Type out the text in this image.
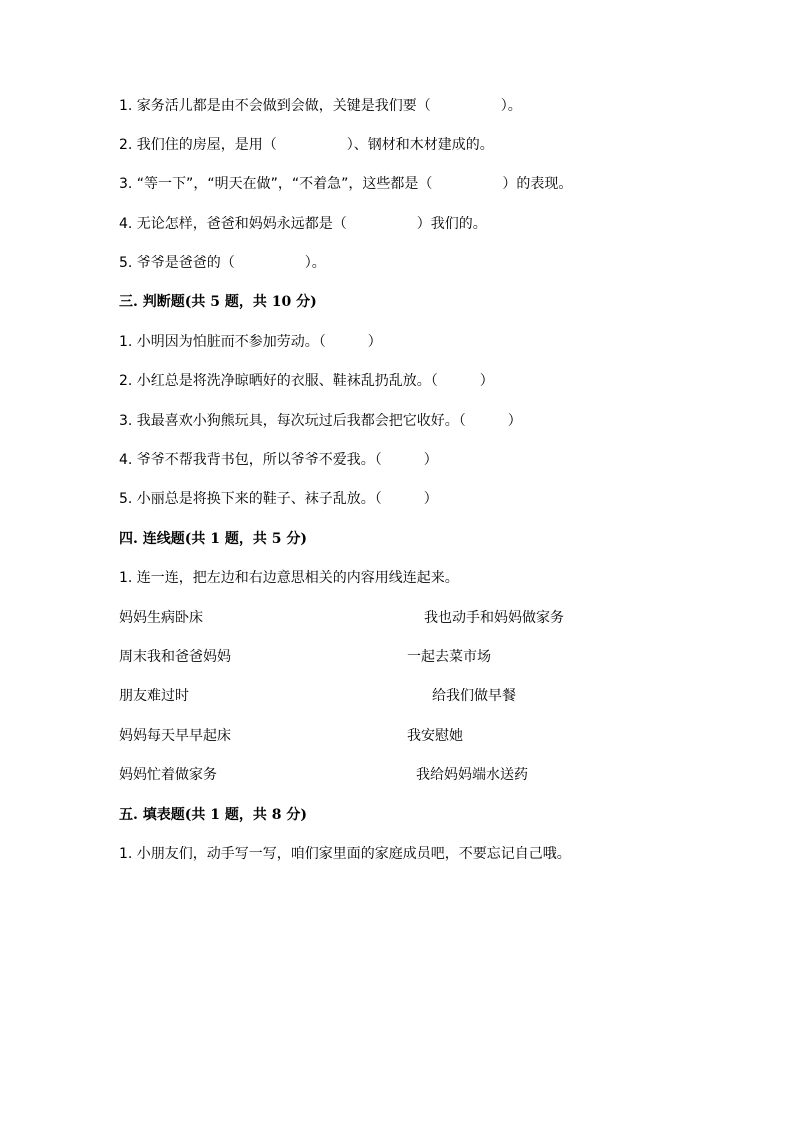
1. 家务活儿都是由不会做到会做，关键是我们要（　　　　　）。
2. 我们住的房屋，是用（　　　　　）、钢材和木材建成的。
3. “等一下”，“明天在做”，“不着急”，这些都是（　　　　　）的表现。
4. 无论怎样，爸爸和妈妈永远都是（　　　　　）我们的。
5. 爷爷是爸爸的（　　　　　）。
三. 判断题(共 5 题，共 10 分)
1. 小明因为怕脏而不参加劳动。（　　　）
2. 小红总是将洗净晾晒好的衣服、鞋袜乱扔乱放。（　　　）
3. 我最喜欢小狗熊玩具，每次玩过后我都会把它收好。（　　　）
4. 爷爷不帮我背书包，所以爷爷不爱我。（　　　）
5. 小丽总是将换下来的鞋子、袜子乱放。（　　　）
四. 连线题(共 1 题，共 5 分)
1. 连一连，把左边和右边意思相关的内容用线连起来。
妈妈生病卧床	我也动手和妈妈做家务
周末我和爸爸妈妈	一起去菜市场
朋友难过时	给我们做早餐
妈妈每天早早起床	我安慰她
妈妈忙着做家务	我给妈妈端水送药
五. 填表题(共 1 题，共 8 分)
1. 小朋友们，动手写一写，咱们家里面的家庭成员吧，不要忘记自己哦。
